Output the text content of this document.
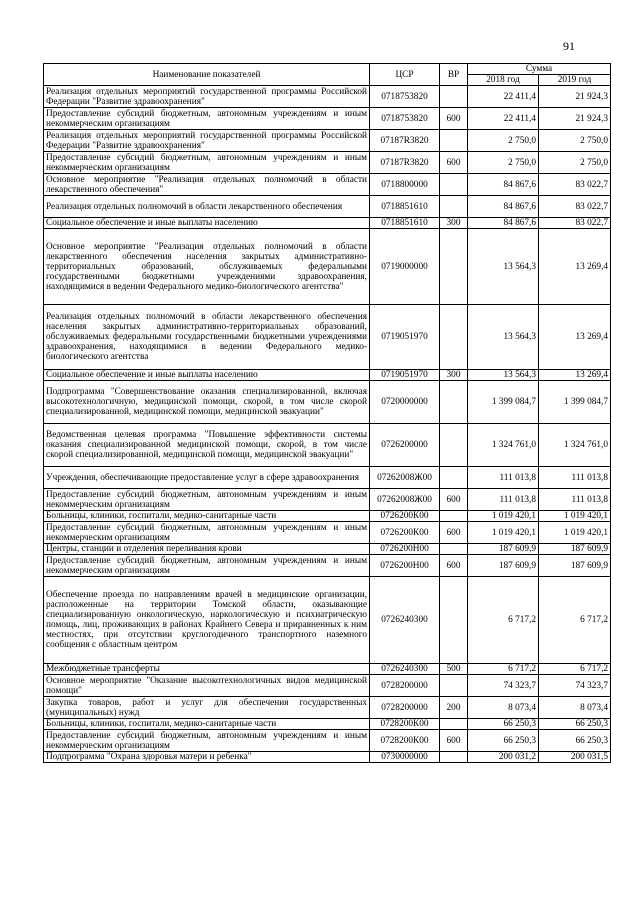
91
Наименование показателей	ЦСР	ВР	Сумма	
			2018 год	2019 год
Реализация отдельных мероприятий государственной программы Российской Федерации "Развитие здравоохранения"	0718753820		22 411,4	21 924,3
Предоставление субсидий бюджетным, автономным учреждениям и иным некоммерческим организациям	0718753820	600	22 411,4	21 924,3
Реализация отдельных мероприятий государственной программы Российской Федерации "Развитие здравоохранения"	07187R3820		2 750,0	2 750,0
Предоставление субсидий бюджетным, автономным учреждениям и иным некоммерческим организациям	07187R3820	600	2 750,0	2 750,0
Основное мероприятие "Реализация отдельных полномочий в области лекарственного обеспечения"	0718800000		84 867,6	83 022,7
Реализация отдельных полномочий в области лекарственного обеспечения	0718851610		84 867,6	83 022,7
Социальное обеспечение и иные выплаты населению	0718851610	300	84 867,6	83 022,7
Основное мероприятие "Реализация отдельных полномочий в области лекарственного обеспечения населения закрытых административно-территориальных образований, обслуживаемых федеральными государственными бюджетными учреждениями здравоохранения, находящимися в ведении Федерального медико-биологического агентства"	0719000000		13 564,3	13 269,4
Реализация отдельных полномочий в области лекарственного обеспечения населения закрытых административно-территориальных образований, обслуживаемых федеральными государственными бюджетными учреждениями здравоохранения, находящимися в ведении Федерального медико-биологического агентства	0719051970		13 564,3	13 269,4
Социальное обеспечение и иные выплаты населению	0719051970	300	13 564,3	13 269,4
Подпрограмма "Совершенствование оказания специализированной, включая высокотехнологичную, медицинской помощи, скорой, в том числе скорой специализированной, медицинской помощи, медицинской эвакуации"	0720000000		1 399 084,7	1 399 084,7
Ведомственная целевая программа "Повышение эффективности системы оказания специализированной медицинской помощи, скорой, в том числе скорой специализированной, медицинской помощи, медицинской эвакуации"	0726200000		1 324 761,0	1 324 761,0
Учреждения, обеспечивающие предоставление услуг в сфере здравоохранения	07262008Ж00		111 013,8	111 013,8
Предоставление субсидий бюджетным, автономным учреждениям и иным некоммерческим организациям	07262008Ж00	600	111 013,8	111 013,8
Больницы, клиники, госпитали, медико-санитарные части	0726200К00		1 019 420,1	1 019 420,1
Предоставление субсидий бюджетным, автономным учреждениям и иным некоммерческим организациям	0726200К00	600	1 019 420,1	1 019 420,1
Центры, станции и отделения переливания крови	0726200Н00		187 609,9	187 609,9
Предоставление субсидий бюджетным, автономным учреждениям и иным некоммерческим организациям	0726200Н00	600	187 609,9	187 609,9
Обеспечение проезда по направлениям врачей в медицинские организации, расположенные на территории Томской области, оказывающие специализированную онкологическую, наркологическую и психиатрическую помощь, лиц, проживающих в районах Крайнего Севера и приравненных к ним местностях, при отсутствии круглогодичного транспортного наземного сообщения с областным центром	0726240300		6 717,2	6 717,2
Межбюджетные трансферты	0726240300	500	6 717,2	6 717,2
Основное мероприятие "Оказание высокотехнологичных видов медицинской помощи"	0728200000		74 323,7	74 323,7
Закупка товаров, работ и услуг для обеспечения государственных (муниципальных) нужд	0728200000	200	8 073,4	8 073,4
Больницы, клиники, госпитали, медико-санитарные части	0728200К00		66 250,3	66 250,3
Предоставление субсидий бюджетным, автономным учреждениям и иным некоммерческим организациям	0728200К00	600	66 250,3	66 250,3
Подпрограмма "Охрана здоровья матери и ребенка"	0730000000		200 031,2	200 031,5
